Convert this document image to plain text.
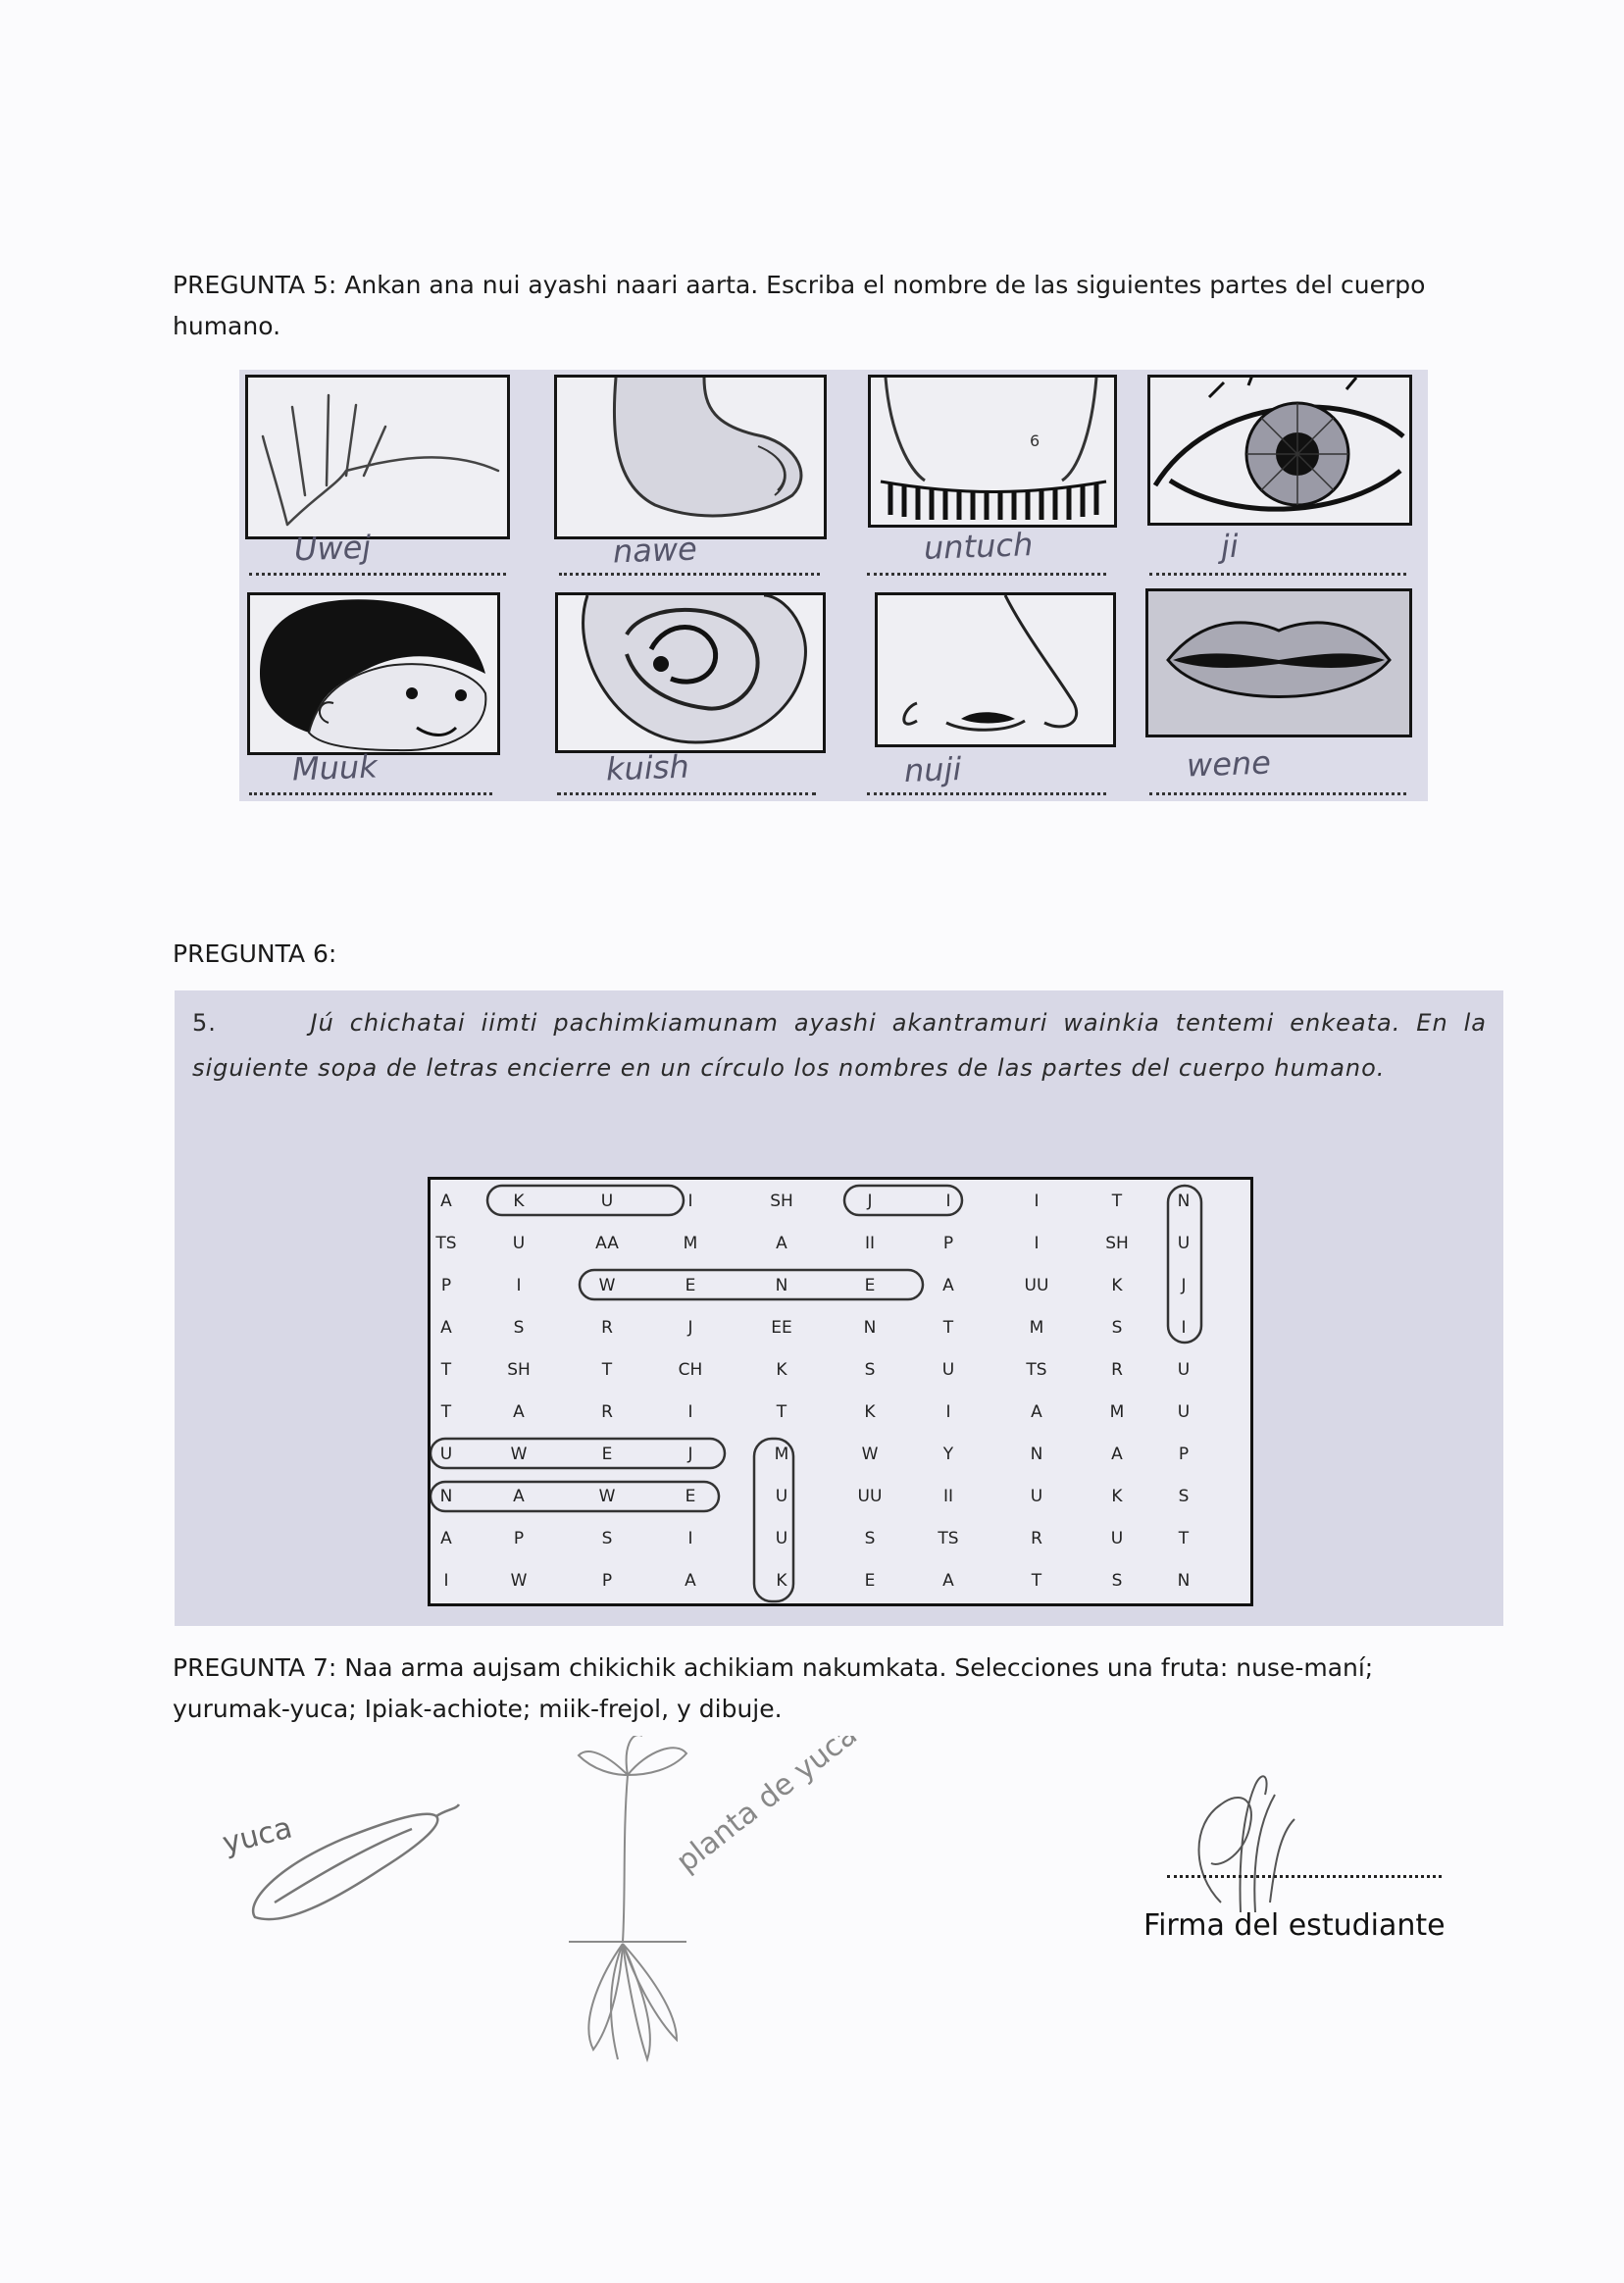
PREGUNTA 5: Ankan ana nui ayashi naari aarta. Escriba el nombre de las siguientes partes del cuerpo humano.
6
Uwej	nawe	untuch	ji
Muuk	kuish	nuji	wene
PREGUNTA 6:
5.	Jú chichatai iimti pachimkiamunam ayashi akantramuri wainkia tentemi enkeata. En la siguiente sopa de letras encierre en un círculo los nombres de las partes del cuerpo humano.
A	K	U	I	SH	J	I	I	T	N
TS	U	AA	M	A	II	P	I	SH	U
P	I	W	E	N	E	A	UU	K	J
A	S	R	J	EE	N	T	M	S	I
T	SH	T	CH	K	S	U	TS	R	U
T	A	R	I	T	K	I	A	M	U
U	W	E	J	M	W	Y	N	A	P
N	A	W	E	U	UU	II	U	K	S
A	P	S	I	U	S	TS	R	U	T
I	W	P	A	K	E	A	T	S	N
PREGUNTA 7: Naa arma aujsam chikichik achikiam nakumkata. Selecciones una fruta: nuse-maní; yurumak-yuca; Ipiak-achiote; miik-frejol, y dibuje.
yuca	planta de yuca
Firma del estudiante
